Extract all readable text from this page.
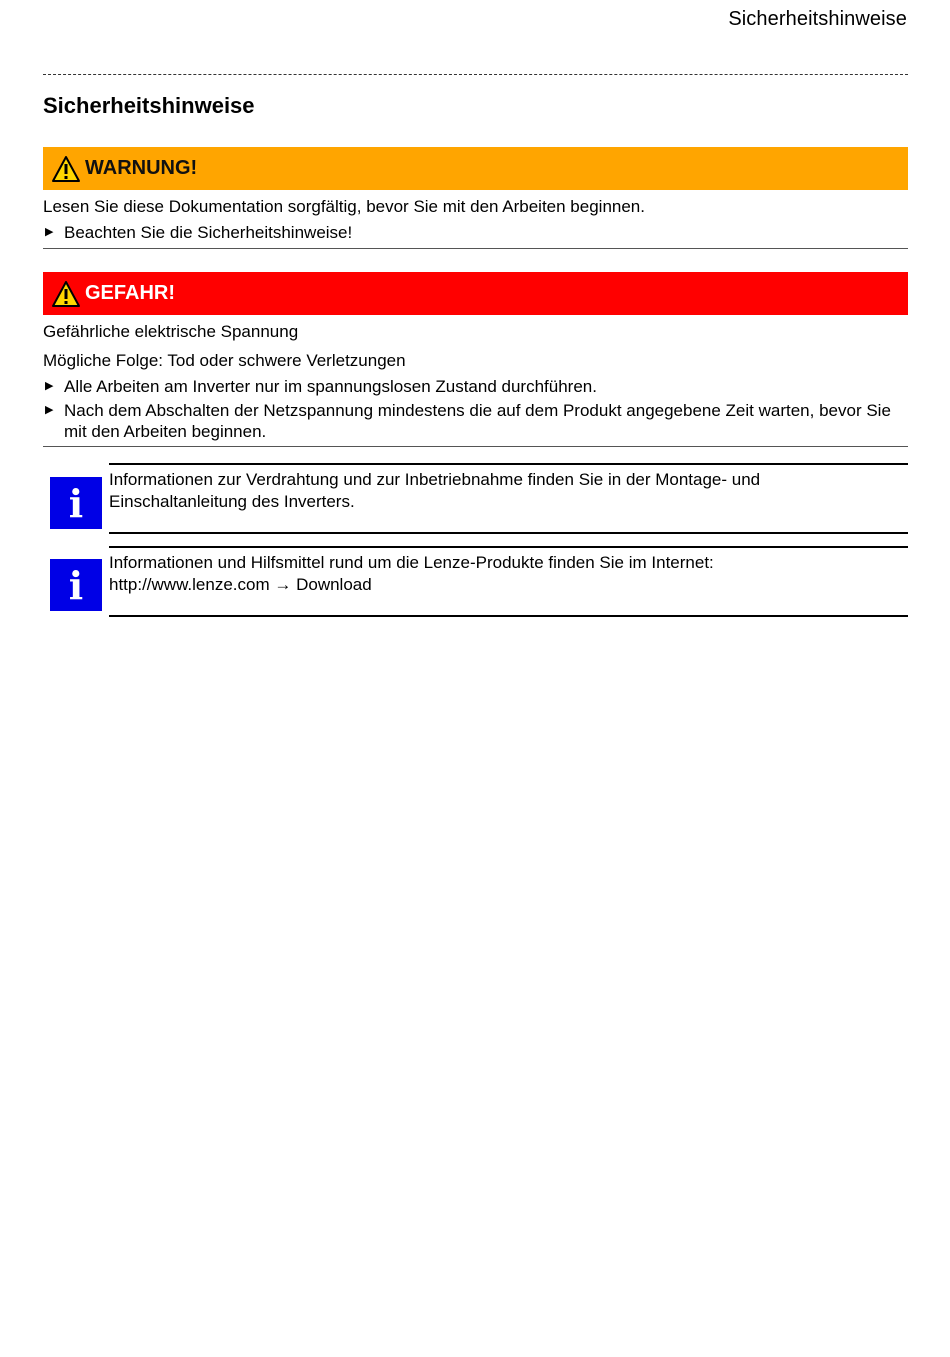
Sicherheitshinweise
Sicherheitshinweise
WARNUNG!
Lesen Sie diese Dokumentation sorgfältig, bevor Sie mit den Arbeiten beginnen.
▶ Beachten Sie die Sicherheitshinweise!
GEFAHR!
Gefährliche elektrische Spannung
Mögliche Folge: Tod oder schwere Verletzungen
▶ Alle Arbeiten am Inverter nur im spannungslosen Zustand durchführen.
▶ Nach dem Abschalten der Netzspannung mindestens die auf dem Produkt angegebene Zeit warten, bevor Sie mit den Arbeiten beginnen.
i
Informationen zur Verdrahtung und zur Inbetriebnahme finden Sie in der Montage- und
Einschaltanleitung des Inverters.
i	Informationen und Hilfsmittel rund um die Lenze-Produkte finden Sie im Internet:
http://www.lenze.com → Download
